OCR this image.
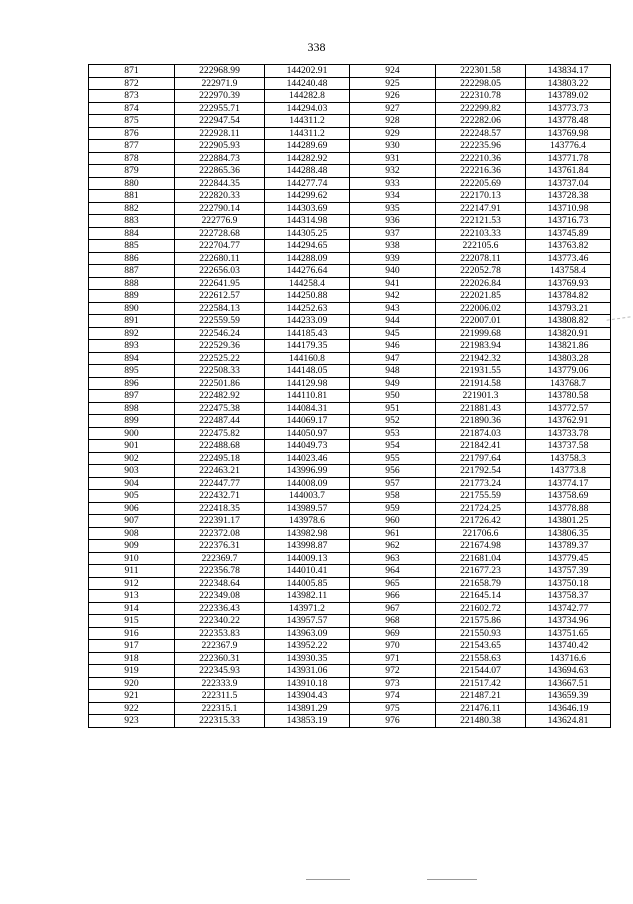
338
871	222968.99	144202.91	924	222301.58	143834.17
872	222971.9	144240.48	925	222298.05	143803.22
873	222970.39	144282.8	926	222310.78	143789.02
874	222955.71	144294.03	927	222299.82	143773.73
875	222947.54	144311.2	928	222282.06	143778.48
876	222928.11	144311.2	929	222248.57	143769.98
877	222905.93	144289.69	930	222235.96	143776.4
878	222884.73	144282.92	931	222210.36	143771.78
879	222865.36	144288.48	932	222216.36	143761.84
880	222844.35	144277.74	933	222205.69	143737.04
881	222820.33	144299.62	934	222170.13	143728.38
882	222790.14	144303.69	935	222147.91	143710.98
883	222776.9	144314.98	936	222121.53	143716.73
884	222728.68	144305.25	937	222103.33	143745.89
885	222704.77	144294.65	938	222105.6	143763.82
886	222680.11	144288.09	939	222078.11	143773.46
887	222656.03	144276.64	940	222052.78	143758.4
888	222641.95	144258.4	941	222026.84	143769.93
889	222612.57	144250.88	942	222021.85	143784.82
890	222584.13	144252.63	943	222006.02	143793.21
891	222559.59	144233.09	944	222007.01	143808.82
892	222546.24	144185.43	945	221999.68	143820.91
893	222529.36	144179.35	946	221983.94	143821.86
894	222525.22	144160.8	947	221942.32	143803.28
895	222508.33	144148.05	948	221931.55	143779.06
896	222501.86	144129.98	949	221914.58	143768.7
897	222482.92	144110.81	950	221901.3	143780.58
898	222475.38	144084.31	951	221881.43	143772.57
899	222487.44	144069.17	952	221890.36	143762.91
900	222475.82	144050.97	953	221874.03	143733.78
901	222488.68	144049.73	954	221842.41	143737.58
902	222495.18	144023.46	955	221797.64	143758.3
903	222463.21	143996.99	956	221792.54	143773.8
904	222447.77	144008.09	957	221773.24	143774.17
905	222432.71	144003.7	958	221755.59	143758.69
906	222418.35	143989.57	959	221724.25	143778.88
907	222391.17	143978.6	960	221726.42	143801.25
908	222372.08	143982.98	961	221706.6	143806.35
909	222376.31	143998.87	962	221674.98	143789.37
910	222369.7	144009.13	963	221681.04	143779.45
911	222356.78	144010.41	964	221677.23	143757.39
912	222348.64	144005.85	965	221658.79	143750.18
913	222349.08	143982.11	966	221645.14	143758.37
914	222336.43	143971.2	967	221602.72	143742.77
915	222340.22	143957.57	968	221575.86	143734.96
916	222353.83	143963.09	969	221550.93	143751.65
917	222367.9	143952.22	970	221543.65	143740.42
918	222360.31	143930.35	971	221558.63	143716.6
919	222345.93	143931.06	972	221544.07	143694.63
920	222333.9	143910.18	973	221517.42	143667.51
921	222311.5	143904.43	974	221487.21	143659.39
922	222315.1	143891.29	975	221476.11	143646.19
923	222315.33	143853.19	976	221480.38	143624.81
